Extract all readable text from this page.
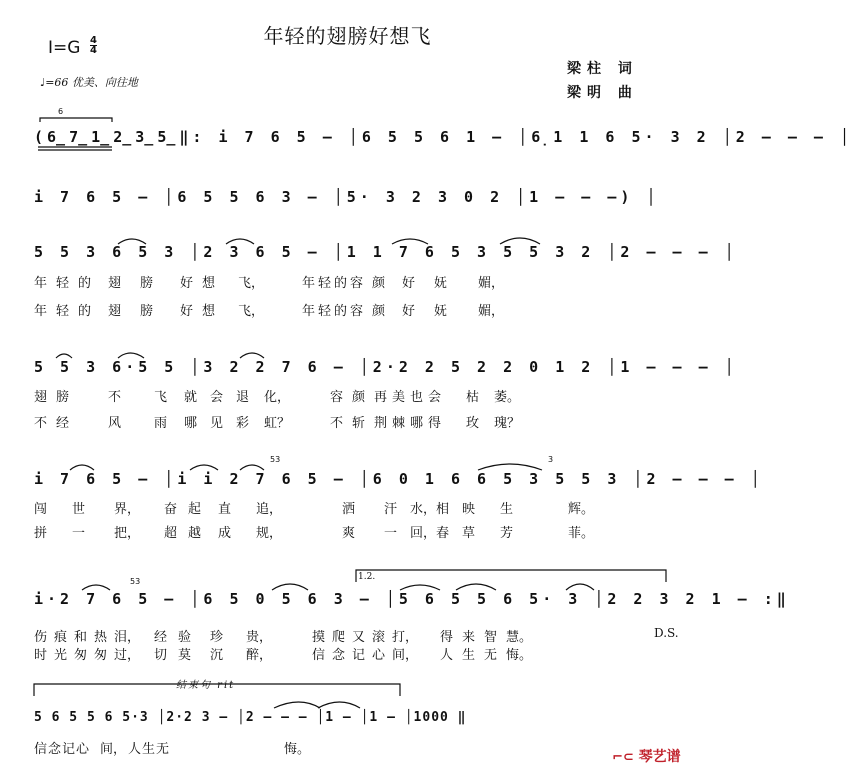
年轻的翅膀好想飞
I=G 4
4
♩=66 优美、向往地
梁柱 词
梁明 曲
(6̲7̲1̲2̲3̲5̲‖: i 7 6 5 – │6 5 5 6 1 – │6̣1 1 6 5· 3 2 │2 – – – │
i 7 6 5 – │6 5 5 6 3 – │5· 3 2 3 0 2 │1 – – –) │
5 5 3 6 5 3 │2 3 6 5 – │1 1 7 6 5 3 5 5 3 2 │2 – – – │
年 轻 的 翅 膀 好 想 飞，	年 轻 的 容 颜 好 妩 媚，
年 轻 的 翅 膀 好 想 飞，	年 轻 的 容 颜 好 妩 媚，
5 5 3 6·5 5 │3 2 2 7 6 – │2·2 2 5 2 2 0 1 2 │1 – – – │
翅 膀	不	飞 就 会 退 化，	容 颜 再 美 也 会 枯 萎。
不 经	风	雨 哪 见 彩 虹？	不 斩 荆 棘 哪 得 玫 瑰？
i 7 6 5 – │i i 2 7 6 5 – │6 0 1 6 6 5 3 5 5 3 │2 – – – │
闯 世 界， 奋 起 直 追，	洒 汗 水，相 映 生	辉。
拼 一 把， 超 越 成 规，	爽 一 回，春 草 芳	菲。
1.2.
i·2 7 6 5 – │6 5 0 5 6 3 – │5 6 5 5 6 5· 3 │2 2 3 2 1 – :‖
伤 痕 和 热 泪， 经 验 珍 贵，	摸 爬 又 滚 打， 得 来 智 慧。	D.S.
时 光 匆 匆 过， 切 莫 沉 醉，	信 念 记 心 间， 人 生 无 悔。
结束句 rit
5 6 5 5 6 5·3 │2·2 3 – │2 – – – │1 – │1 – │1000 ‖
信念记心 间， 人生无	悔。
⌐⊂ 琴艺谱
6
53
53	3
